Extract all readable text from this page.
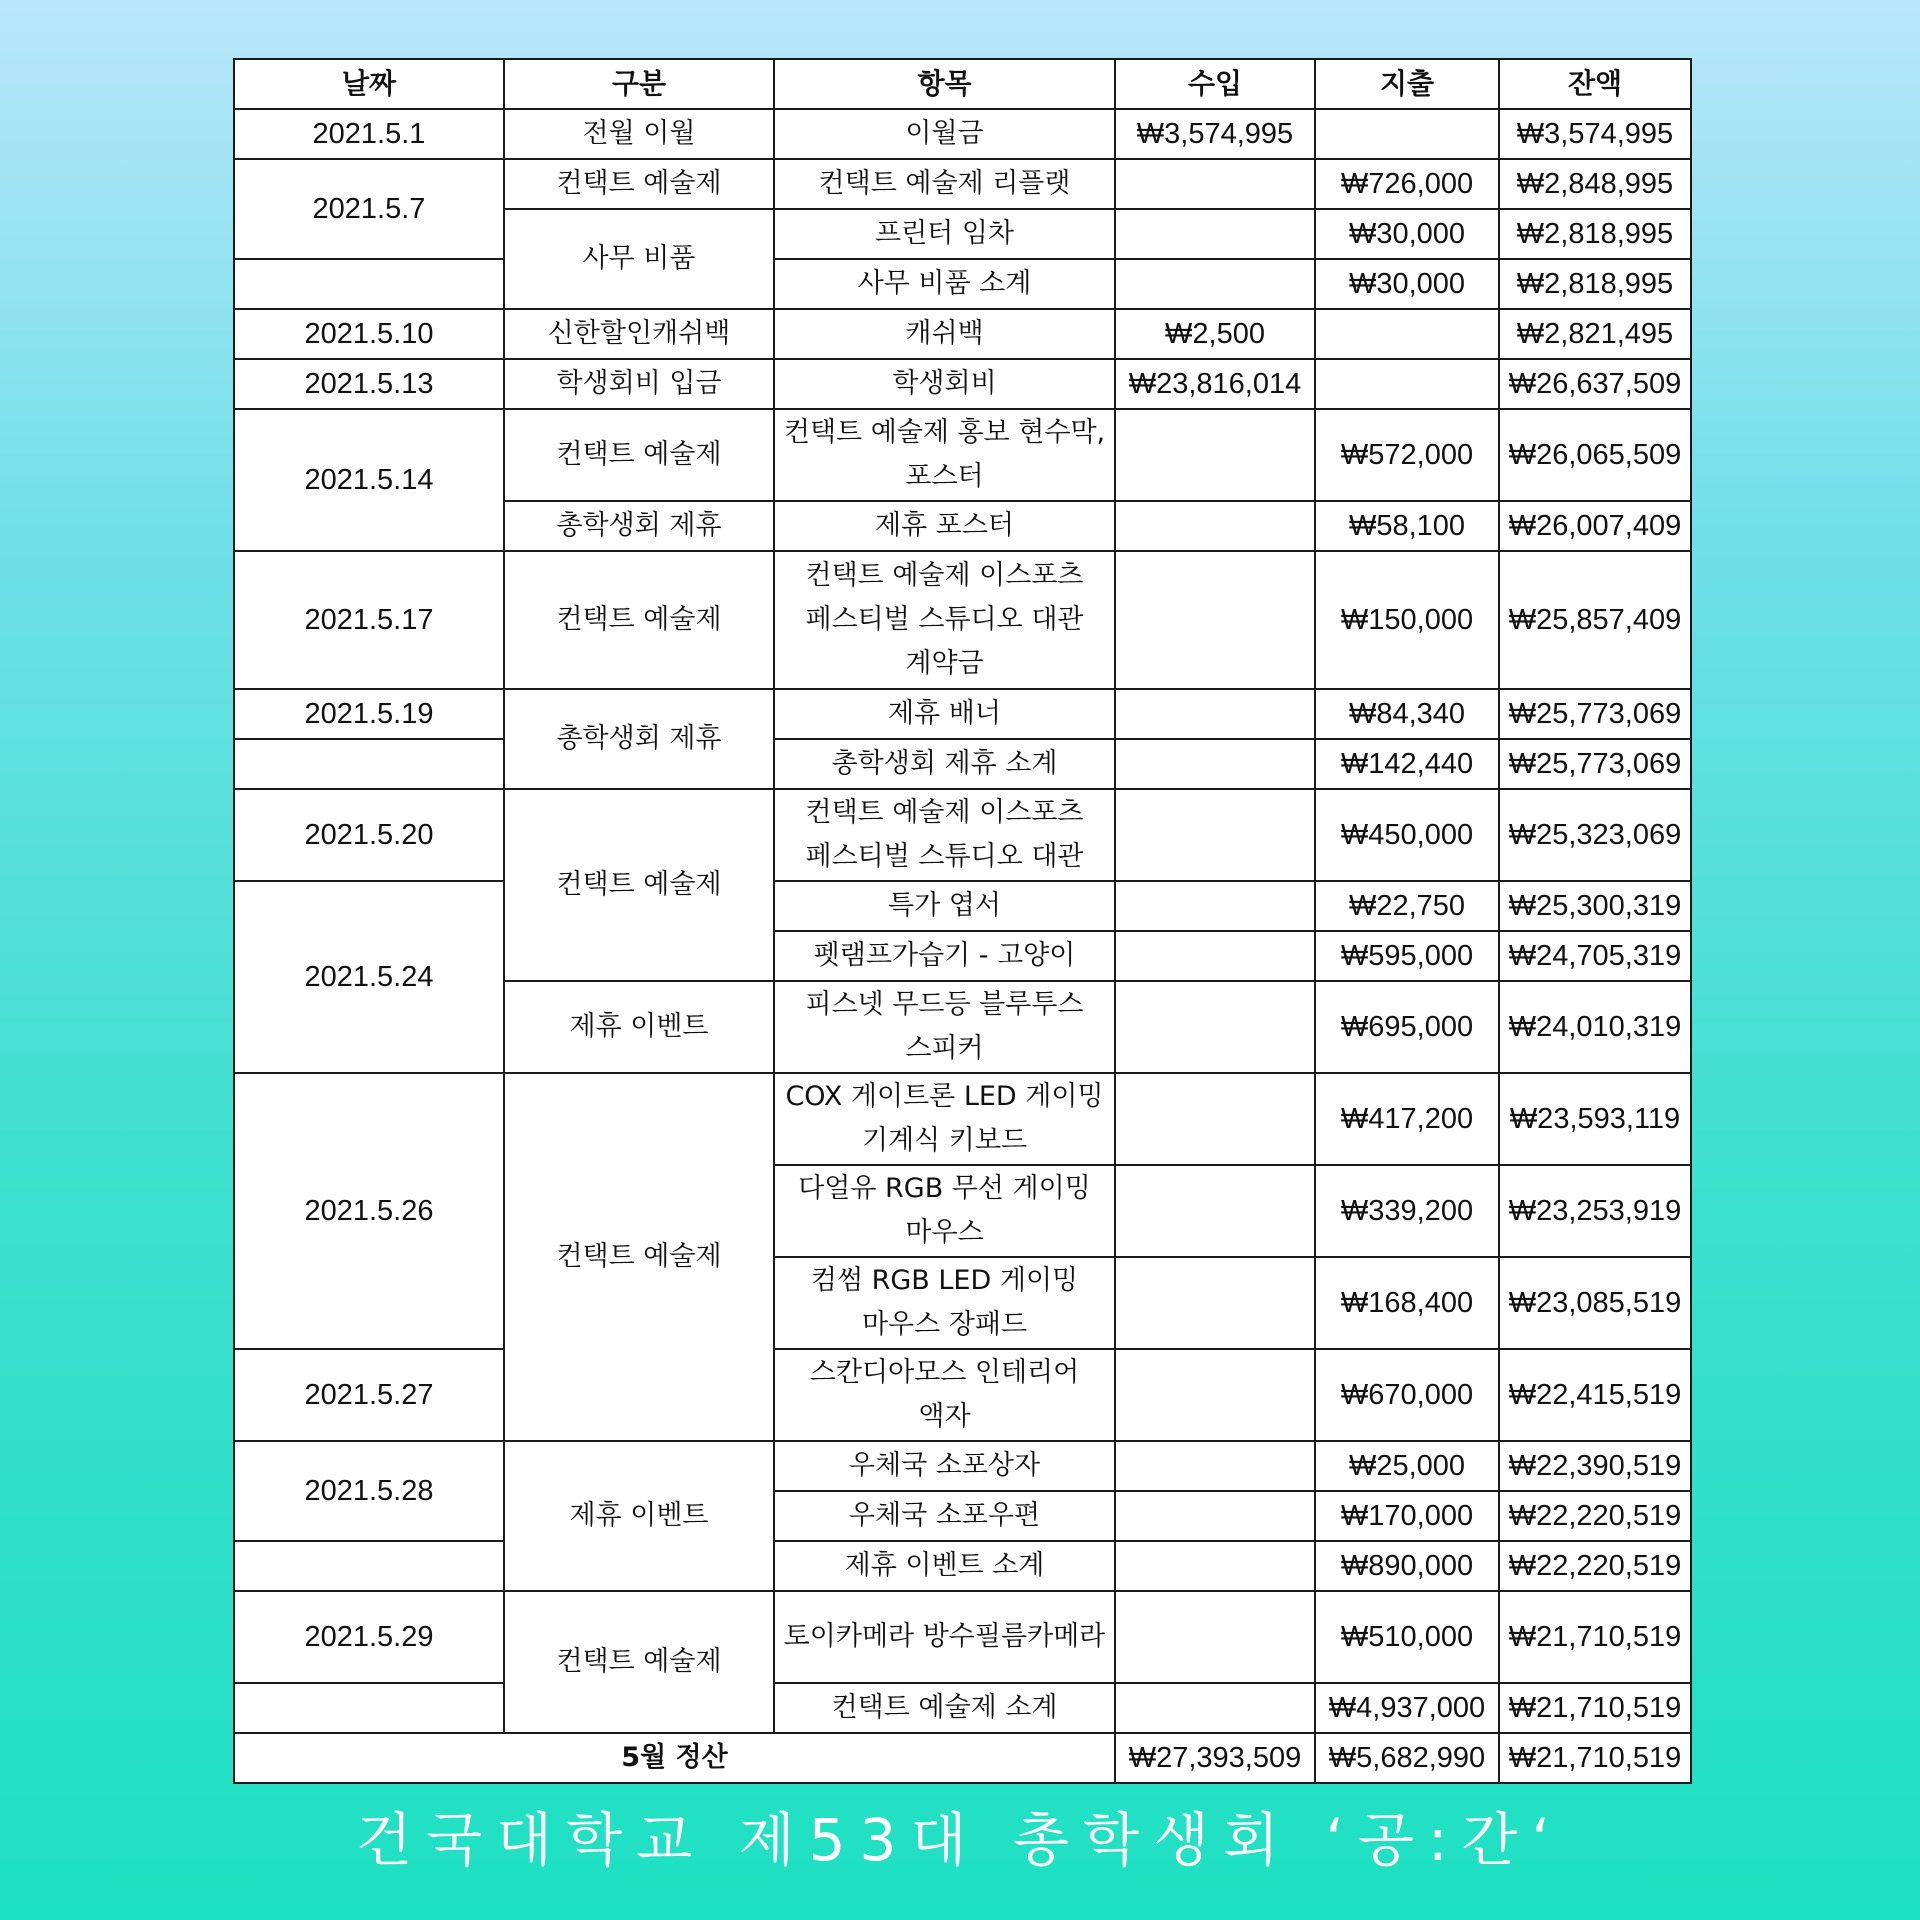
날짜	구분	항목	수입	지출	잔액
2021.5.1	전월 이월	이월금	₩3,574,995		₩3,574,995
2021.5.7	컨택트 예술제	컨택트 예술제 리플랫		₩726,000	₩2,848,995
	사무 비품	프린터 임차		₩30,000	₩2,818,995
		사무 비품 소계		₩30,000	₩2,818,995
2021.5.10	신한할인캐쉬백	캐쉬백	₩2,500		₩2,821,495
2021.5.13	학생회비 입금	학생회비	₩23,816,014		₩26,637,509
2021.5.14	컨택트 예술제	컨택트 예술제 홍보 현수막, 포스터		₩572,000	₩26,065,509
	총학생회 제휴	제휴 포스터		₩58,100	₩26,007,409
2021.5.17	컨택트 예술제	컨택트 예술제 이스포츠 페스티벌 스튜디오 대관 계약금		₩150,000	₩25,857,409
2021.5.19	총학생회 제휴	제휴 배너		₩84,340	₩25,773,069
		총학생회 제휴 소계		₩142,440	₩25,773,069
2021.5.20	컨택트 예술제	컨택트 예술제 이스포츠 페스티벌 스튜디오 대관		₩450,000	₩25,323,069
2021.5.24		특가 엽서		₩22,750	₩25,300,319
		펫램프가습기 - 고양이		₩595,000	₩24,705,319
	제휴 이벤트	피스넷 무드등 블루투스 스피커		₩695,000	₩24,010,319
2021.5.26	컨택트 예술제	COX 게이트론 LED 게이밍 기계식 키보드		₩417,200	₩23,593,119
		다얼유 RGB 무선 게이밍 마우스		₩339,200	₩23,253,919
		컴썸 RGB LED 게이밍 마우스 장패드		₩168,400	₩23,085,519
2021.5.27		스칸디아모스 인테리어 액자		₩670,000	₩22,415,519
2021.5.28	제휴 이벤트	우체국 소포상자		₩25,000	₩22,390,519
		우체국 소포우편		₩170,000	₩22,220,519
		제휴 이벤트 소계		₩890,000	₩22,220,519
2021.5.29	컨택트 예술제	토이카메라 방수필름카메라		₩510,000	₩21,710,519
		컨택트 예술제 소계		₩4,937,000	₩21,710,519
5월 정산			₩27,393,509	₩5,682,990	₩21,710,519
건국대학교 제53대 총학생회 ‘공:간‘
